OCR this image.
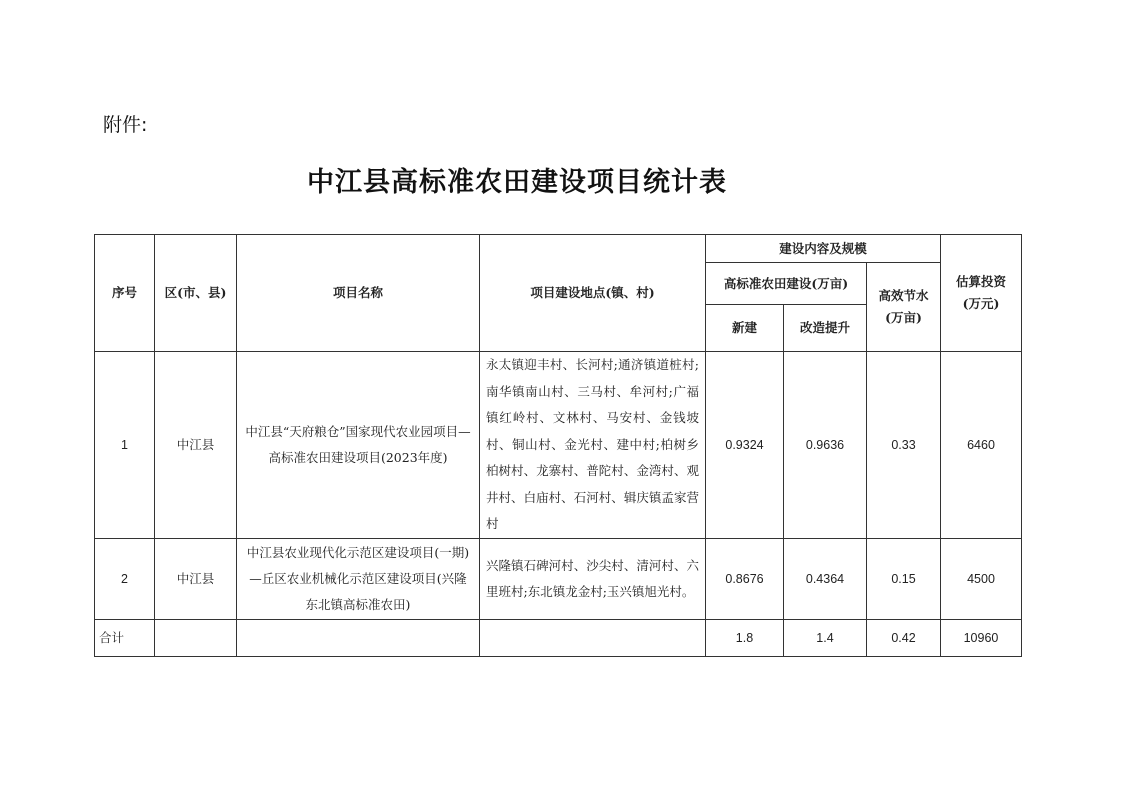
附件:
中江县高标准农田建设项目统计表
序号	区(市、县)	项目名称	项目建设地点(镇、村)	建设内容及规模			估算投资(万元)
				高标准农田建设(万亩)		高效节水(万亩)	
				新建	改造提升		
1	中江县	中江县“天府粮仓”国家现代农业园项目—高标准农田建设项目(2023年度)	永太镇迎丰村、长河村;通济镇道桩村;南华镇南山村、三马村、牟河村;广福镇红岭村、文林村、马安村、金钱坡村、铜山村、金光村、建中村;柏树乡柏树村、龙寨村、普陀村、金湾村、观井村、白庙村、石河村、辑庆镇孟家营村	0.9324	0.9636	0.33	6460
2	中江县	中江县农业现代化示范区建设项目(一期)—丘区农业机械化示范区建设项目(兴隆东北镇高标准农田)	兴隆镇石碑河村、沙尖村、清河村、六里班村;东北镇龙金村;玉兴镇旭光村。	0.8676	0.4364	0.15	4500
合计				1.8	1.4	0.42	10960
